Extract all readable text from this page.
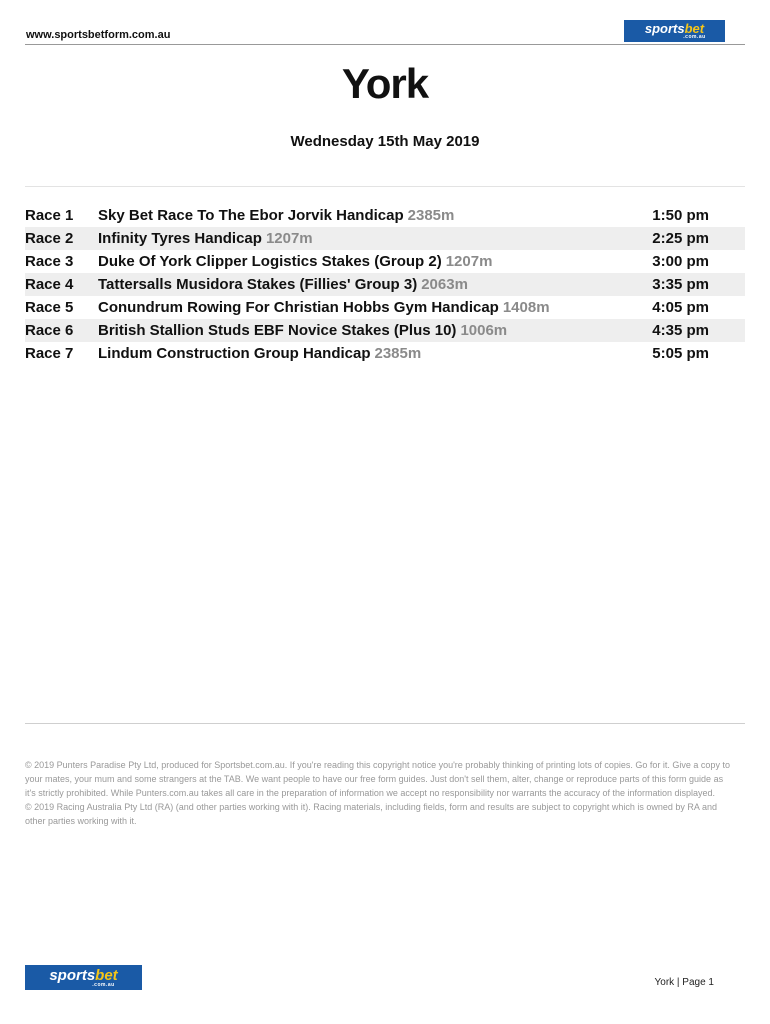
www.sportsbetform.com.au	sportsbet
.com.au
York
Wednesday 15th May 2019
Race 1	Sky Bet Race To The Ebor Jorvik Handicap 2385m	1:50 pm
Race 2	Infinity Tyres Handicap 1207m	2:25 pm
Race 3	Duke Of York Clipper Logistics Stakes (Group 2) 1207m	3:00 pm
Race 4	Tattersalls Musidora Stakes (Fillies' Group 3) 2063m	3:35 pm
Race 5	Conundrum Rowing For Christian Hobbs Gym Handicap 1408m	4:05 pm
Race 6	British Stallion Studs EBF Novice Stakes (Plus 10) 1006m	4:35 pm
Race 7	Lindum Construction Group Handicap 2385m	5:05 pm

© 2019 Punters Paradise Pty Ltd, produced for Sportsbet.com.au. If you're reading this copyright notice you're probably thinking of printing lots of copies. Go for it. Give a copy to your mates, your mum and some strangers at the TAB. We want people to have our free form guides. Just don't sell them, alter, change or reproduce parts of this form guide as it's strictly prohibited. While Punters.com.au takes all care in the preparation of information we accept no responsibility nor warrants the accuracy of the information displayed.

© 2019 Racing Australia Pty Ltd (RA) (and other parties working with it). Racing materials, including fields, form and results are subject to copyright which is owned by RA and other parties working with it.

sportsbet
.com.au	York | Page 1
